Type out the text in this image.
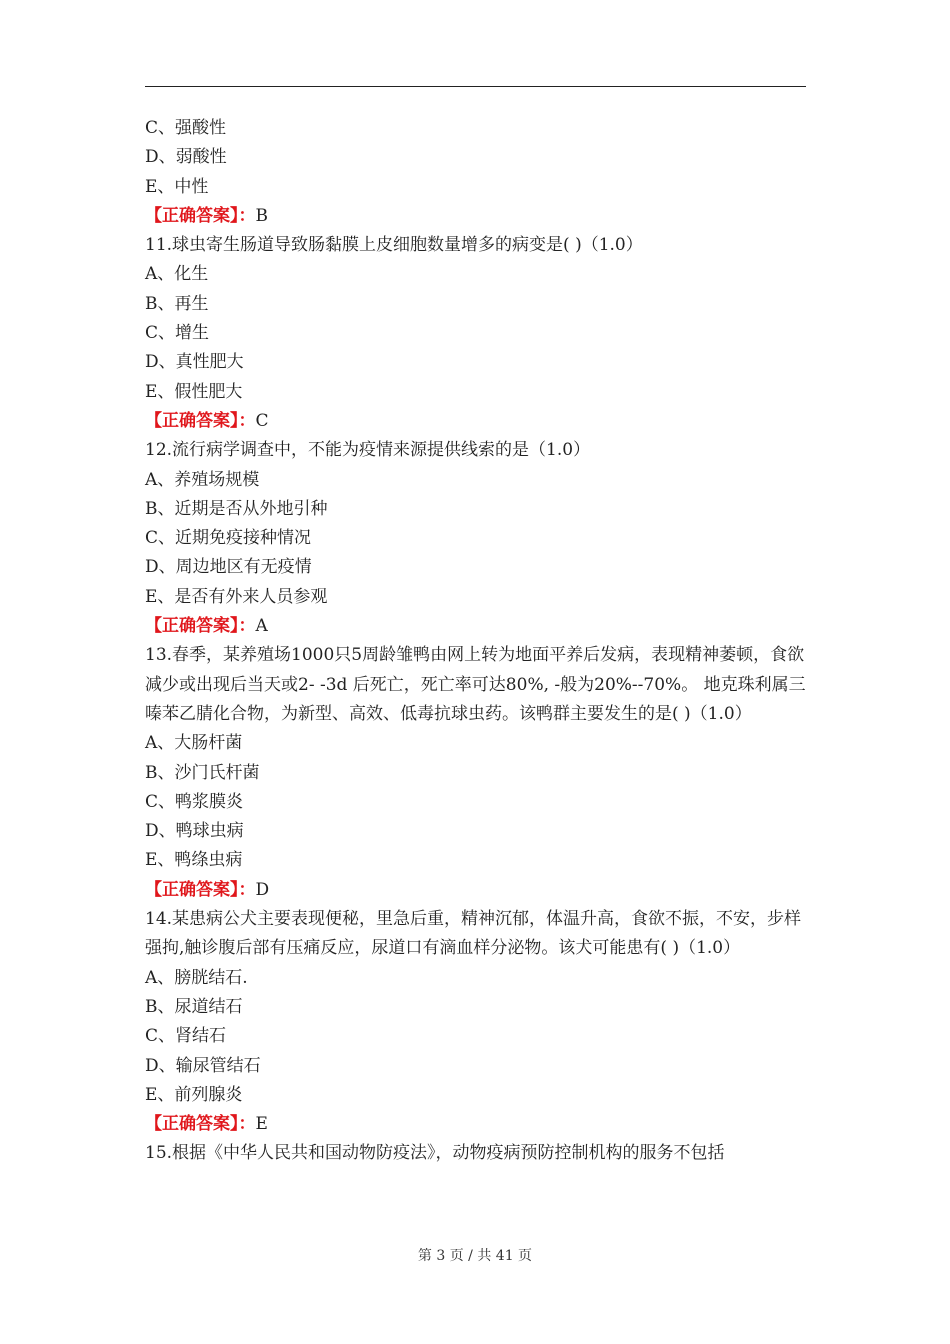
C、强酸性
D、弱酸性
E、中性
【正确答案】：B
11.球虫寄生肠道导致肠黏膜上皮细胞数量增多的病变是( )（1.0）
A、化生
B、再生
C、增生
D、真性肥大
E、假性肥大
【正确答案】：C
12.流行病学调查中，不能为疫情来源提供线索的是（1.0）
A、养殖场规模
B、近期是否从外地引种
C、近期免疫接种情况
D、周边地区有无疫情
E、是否有外来人员参观
【正确答案】：A
13.春季，某养殖场1000只5周龄雏鸭由网上转为地面平养后发病，表现精神萎顿，食欲减少或出现后当天或2- -3d 后死亡，死亡率可达80%, -般为20%--70%。 地克珠利属三嗪苯乙腈化合物，为新型、高效、低毒抗球虫药。该鸭群主要发生的是( )（1.0）
A、大肠杆菌
B、沙门氏杆菌
C、鸭浆膜炎
D、鸭球虫病
E、鸭绦虫病
【正确答案】：D
14.某患病公犬主要表现便秘，里急后重，精神沉郁，体温升高，食欲不振，不安，步样强拘,触诊腹后部有压痛反应，尿道口有滴血样分泌物。该犬可能患有( )（1.0）
A、膀胱结石.
B、尿道结石
C、肾结石
D、输尿管结石
E、前列腺炎
【正确答案】：E
15.根据《中华人民共和国动物防疫法》，动物疫病预防控制机构的服务不包括
第 3 页 / 共 41 页
